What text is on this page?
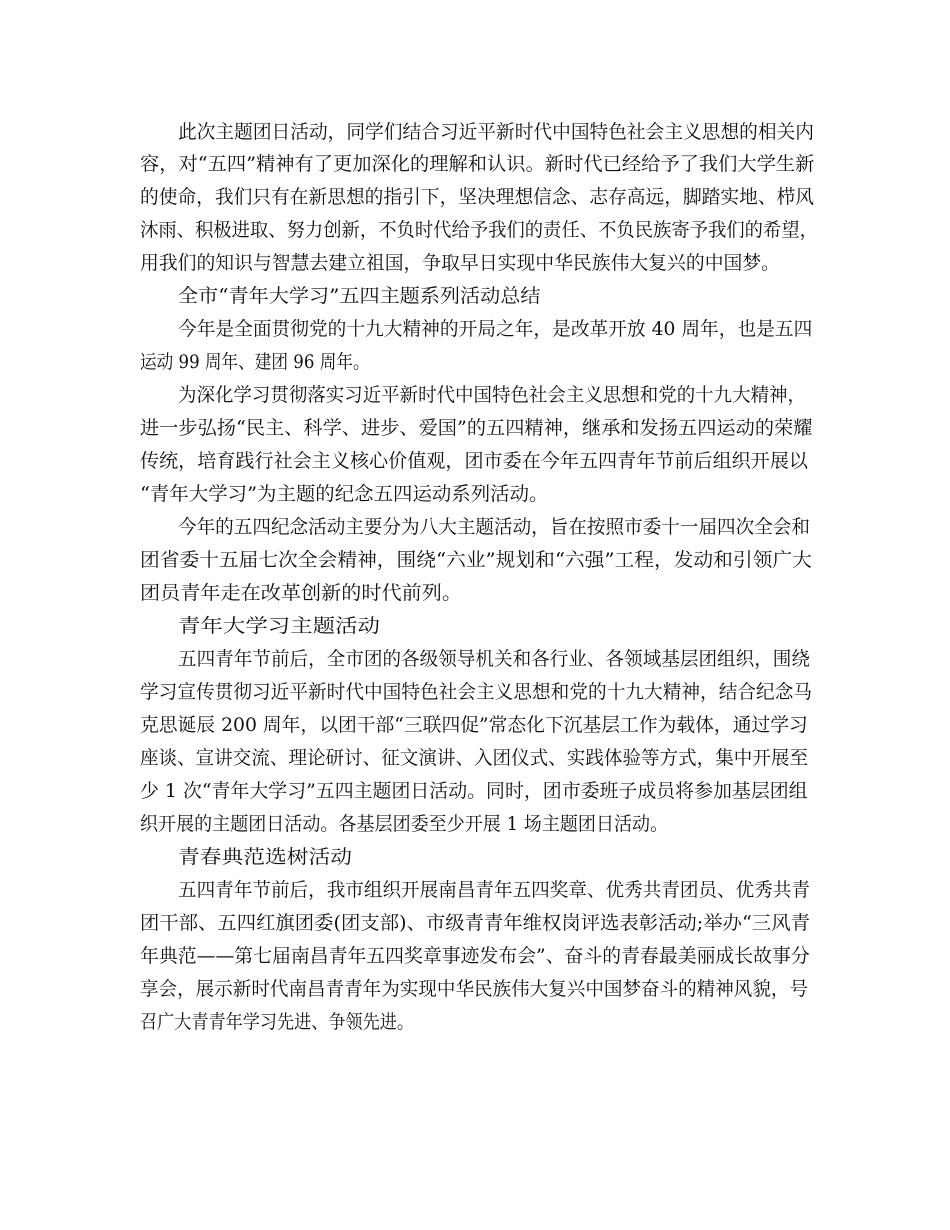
此次主题团日活动，同学们结合习近平新时代中国特色社会主义思想的相关内
容，对“五四”精神有了更加深化的理解和认识。新时代已经给予了我们大学生新
的使命，我们只有在新思想的指引下，坚决理想信念、志存高远，脚踏实地、栉风
沐雨、积极进取、努力创新，不负时代给予我们的责任、不负民族寄予我们的希望，
用我们的知识与智慧去建立祖国，争取早日实现中华民族伟大复兴的中国梦。
全市“青年大学习”五四主题系列活动总结
今年是全面贯彻党的十九大精神的开局之年，是改革开放 40 周年，也是五四
运动 99 周年、建团 96 周年。
为深化学习贯彻落实习近平新时代中国特色社会主义思想和党的十九大精神，
进一步弘扬“民主、科学、进步、爱国”的五四精神，继承和发扬五四运动的荣耀
传统，培育践行社会主义核心价值观，团市委在今年五四青年节前后组织开展以
“青年大学习”为主题的纪念五四运动系列活动。
今年的五四纪念活动主要分为八大主题活动，旨在按照市委十一届四次全会和
团省委十五届七次全会精神，围绕“六业”规划和“六强”工程，发动和引领广大
团员青年走在改革创新的时代前列。
青年大学习主题活动
五四青年节前后，全市团的各级领导机关和各行业、各领域基层团组织，围绕
学习宣传贯彻习近平新时代中国特色社会主义思想和党的十九大精神，结合纪念马
克思诞辰 200 周年，以团干部“三联四促”常态化下沉基层工作为载体，通过学习
座谈、宣讲交流、理论研讨、征文演讲、入团仪式、实践体验等方式，集中开展至
少 1 次“青年大学习”五四主题团日活动。同时，团市委班子成员将参加基层团组
织开展的主题团日活动。各基层团委至少开展 1 场主题团日活动。
青春典范选树活动
五四青年节前后，我市组织开展南昌青年五四奖章、优秀共青团员、优秀共青
团干部、五四红旗团委(团支部)、市级青青年维权岗评选表彰活动;举办“三风青
年典范——第七届南昌青年五四奖章事迹发布会”、奋斗的青春最美丽成长故事分
享会，展示新时代南昌青青年为实现中华民族伟大复兴中国梦奋斗的精神风貌，号
召广大青青年学习先进、争领先进。
